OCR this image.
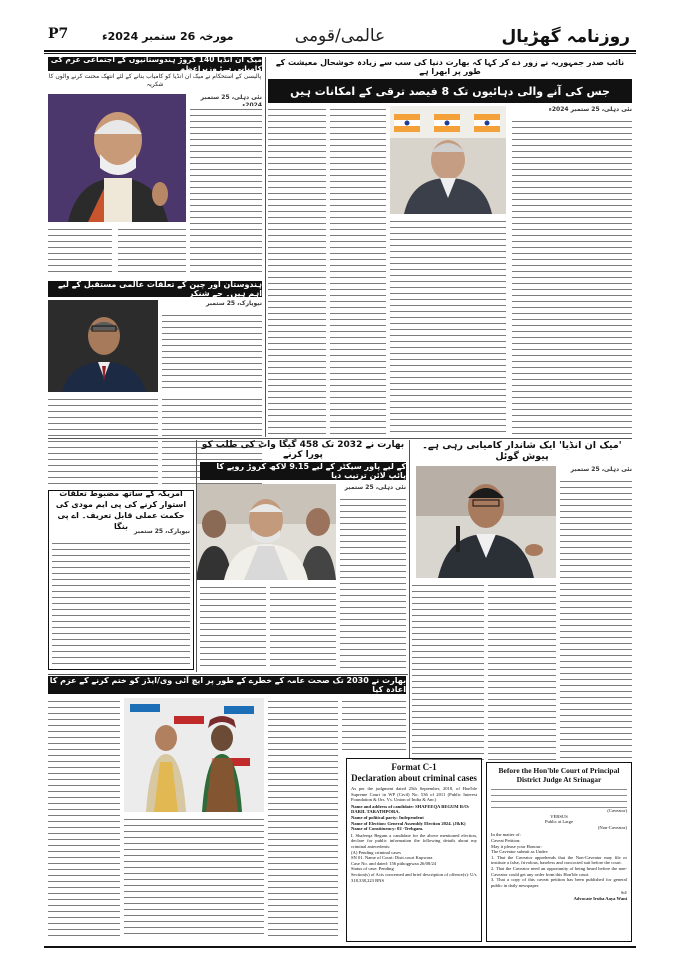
روزنامہ گھڑیال
عالمی/قومی
مورخہ 26 ستمبر 2024ء
P7
میک ان انڈیا 140 کروڑ ہندوستانیوں کے اجتماعی عزم کی کامیابی ہے: وزیراعظم
پالیسی کے استحکام نے میک ان انڈیا کو کامیاب بنانے کے لئے انتھک محنت کرنے والوں کا شکریہ
نئی دہلی، 25 ستمبر
نائب صدر جمہوریہ نے زور دے کر کہا کہ بھارت دنیا کی سب سے زیادہ خوشحال معیشت کے طور پر ابھرا ہے
جس کی آنے والی دہائیوں تک 8 فیصد ترقی کے امکانات ہیں
نئی دہلی، 25 ستمبر 2024ء
ہندوستان اور چین کے تعلقات عالمی مستقبل کے لیے اہم ہیں۔ جے شنکر
نیویارک، 25 ستمبر
بھارت نے 2032 تک 458 گیگا واٹ کی طلب کو پورا کرنے
کے لیے پاور سیکٹر کے لیے 9.15 لاکھ کروڑ روپے کا پائپ لائن ترتیب دیا
نئی دہلی، 25 ستمبر
'میک ان انڈیا' ایک شاندار کامیابی رہی ہے۔ پیوش گوئل
نئی دہلی، 25 ستمبر
امریکہ کے ساتھ مضبوط تعلقات استوار کرنے کی پی ایم مودی کی حکمت عملی قابل تعریف۔ اے پی بنگا
نیویارک، 25 ستمبر
بھارت نے 2030 تک صحت عامہ کے خطرے کے طور پر ایچ آئی وی/ایڈز کو ختم کرنے کے عزم کا اعادہ کیا

Format C-1

Declaration about criminal cases

As per the judgment dated 25th September, 2018, of Hon'ble Supreme Court in WP (Civil) No. 536 of 2011 (Public Interest Foundation & Ors. Vs. Union of India & Anr.)

Name and address of candidate: SHAFEEQA BEGUM R/O: DARIL TARATHPORA.

Name of political party: Independent

Name of Election: General Assembly Election 2024. (J&K)

Name of Constituency: 02 -Trehgam.

I, Shafeeqa Begum a candidate for the above mentioned election, declare for public information the following details about my criminal antecedents:

(A) Pending criminal cases

SN 01. Name of Court: Distt.court Kupwara

Case No. and dated: 156 pithogpwaa 26/08/24

Status of case: Pending

Section(s) of Acts concerned and brief description of offence(s): U/s 318,338,223 BNS

Before the Hon'ble Court of Principal

District Judge At Srinagar

(Caveator)

VERSUS

Public at Large

(Non-Caveator)

In the matter of:

Caveat Petition:

May it please your Honour:

The Caveator submit as Under:

1. That the Caveator apprehends that the Non-Caveator may file or institute a false, frivolous, baseless and concocted suit before the court.

2. That the Caveator need an opportunity of being heard before the non-Caveator could get any order from this Hon'ble court.

3. That a copy of this caveat petition has been published for general public in daily newspaper.

Sd/

Advocate Iruba Aaya Wani
